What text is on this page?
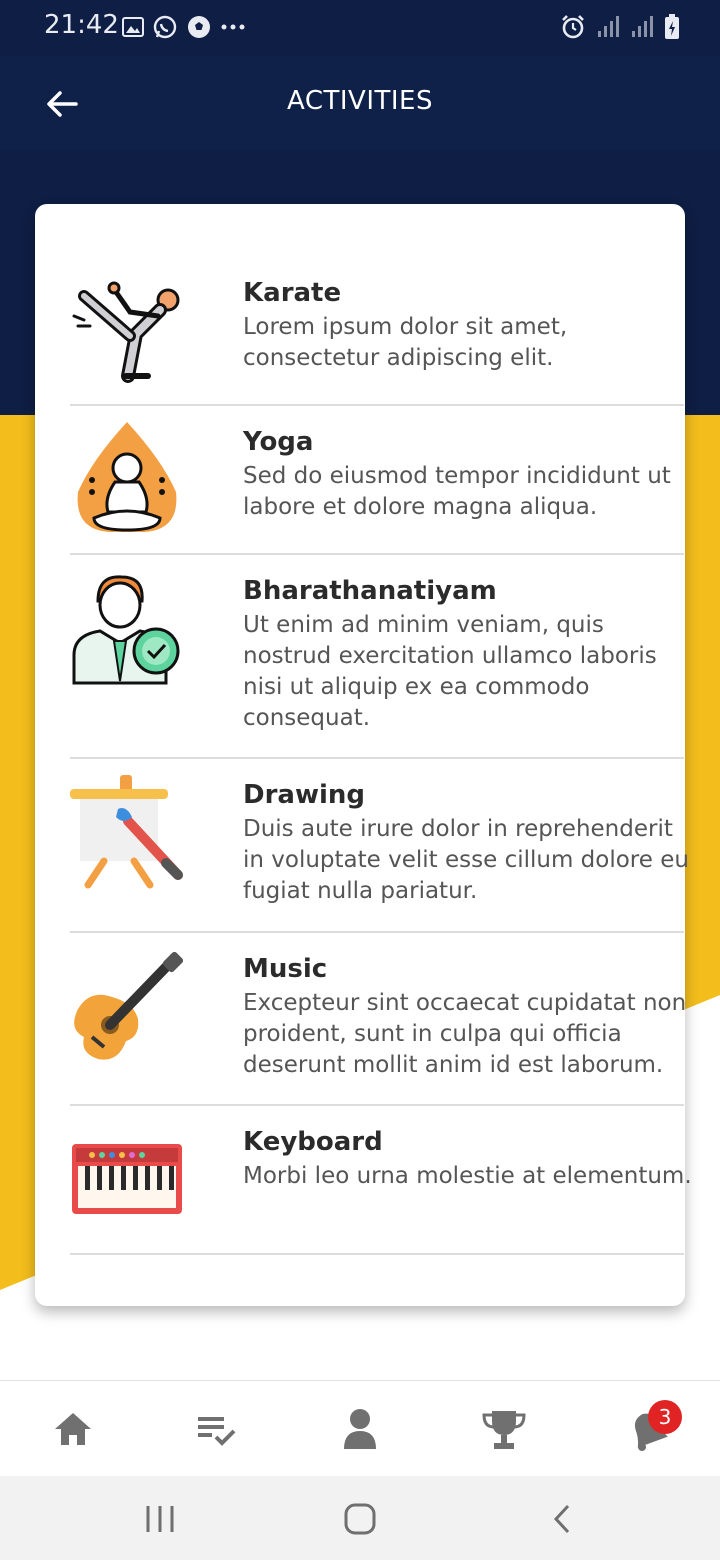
21:42
ACTIVITIES
Karate
Lorem ipsum dolor sit amet, consectetur adipiscing elit.
Yoga
Sed do eiusmod tempor incididunt ut labore et dolore magna aliqua.
Bharathanatiyam
Ut enim ad minim veniam, quis nostrud exercitation ullamco laboris nisi ut aliquip ex ea commodo consequat.
Drawing
Duis aute irure dolor in reprehenderit in voluptate velit esse cillum dolore eu fugiat nulla pariatur.
Music
Excepteur sint occaecat cupidatat non proident, sunt in culpa qui officia deserunt mollit anim id est laborum.
Keyboard
Morbi leo urna molestie at elementum.
3
